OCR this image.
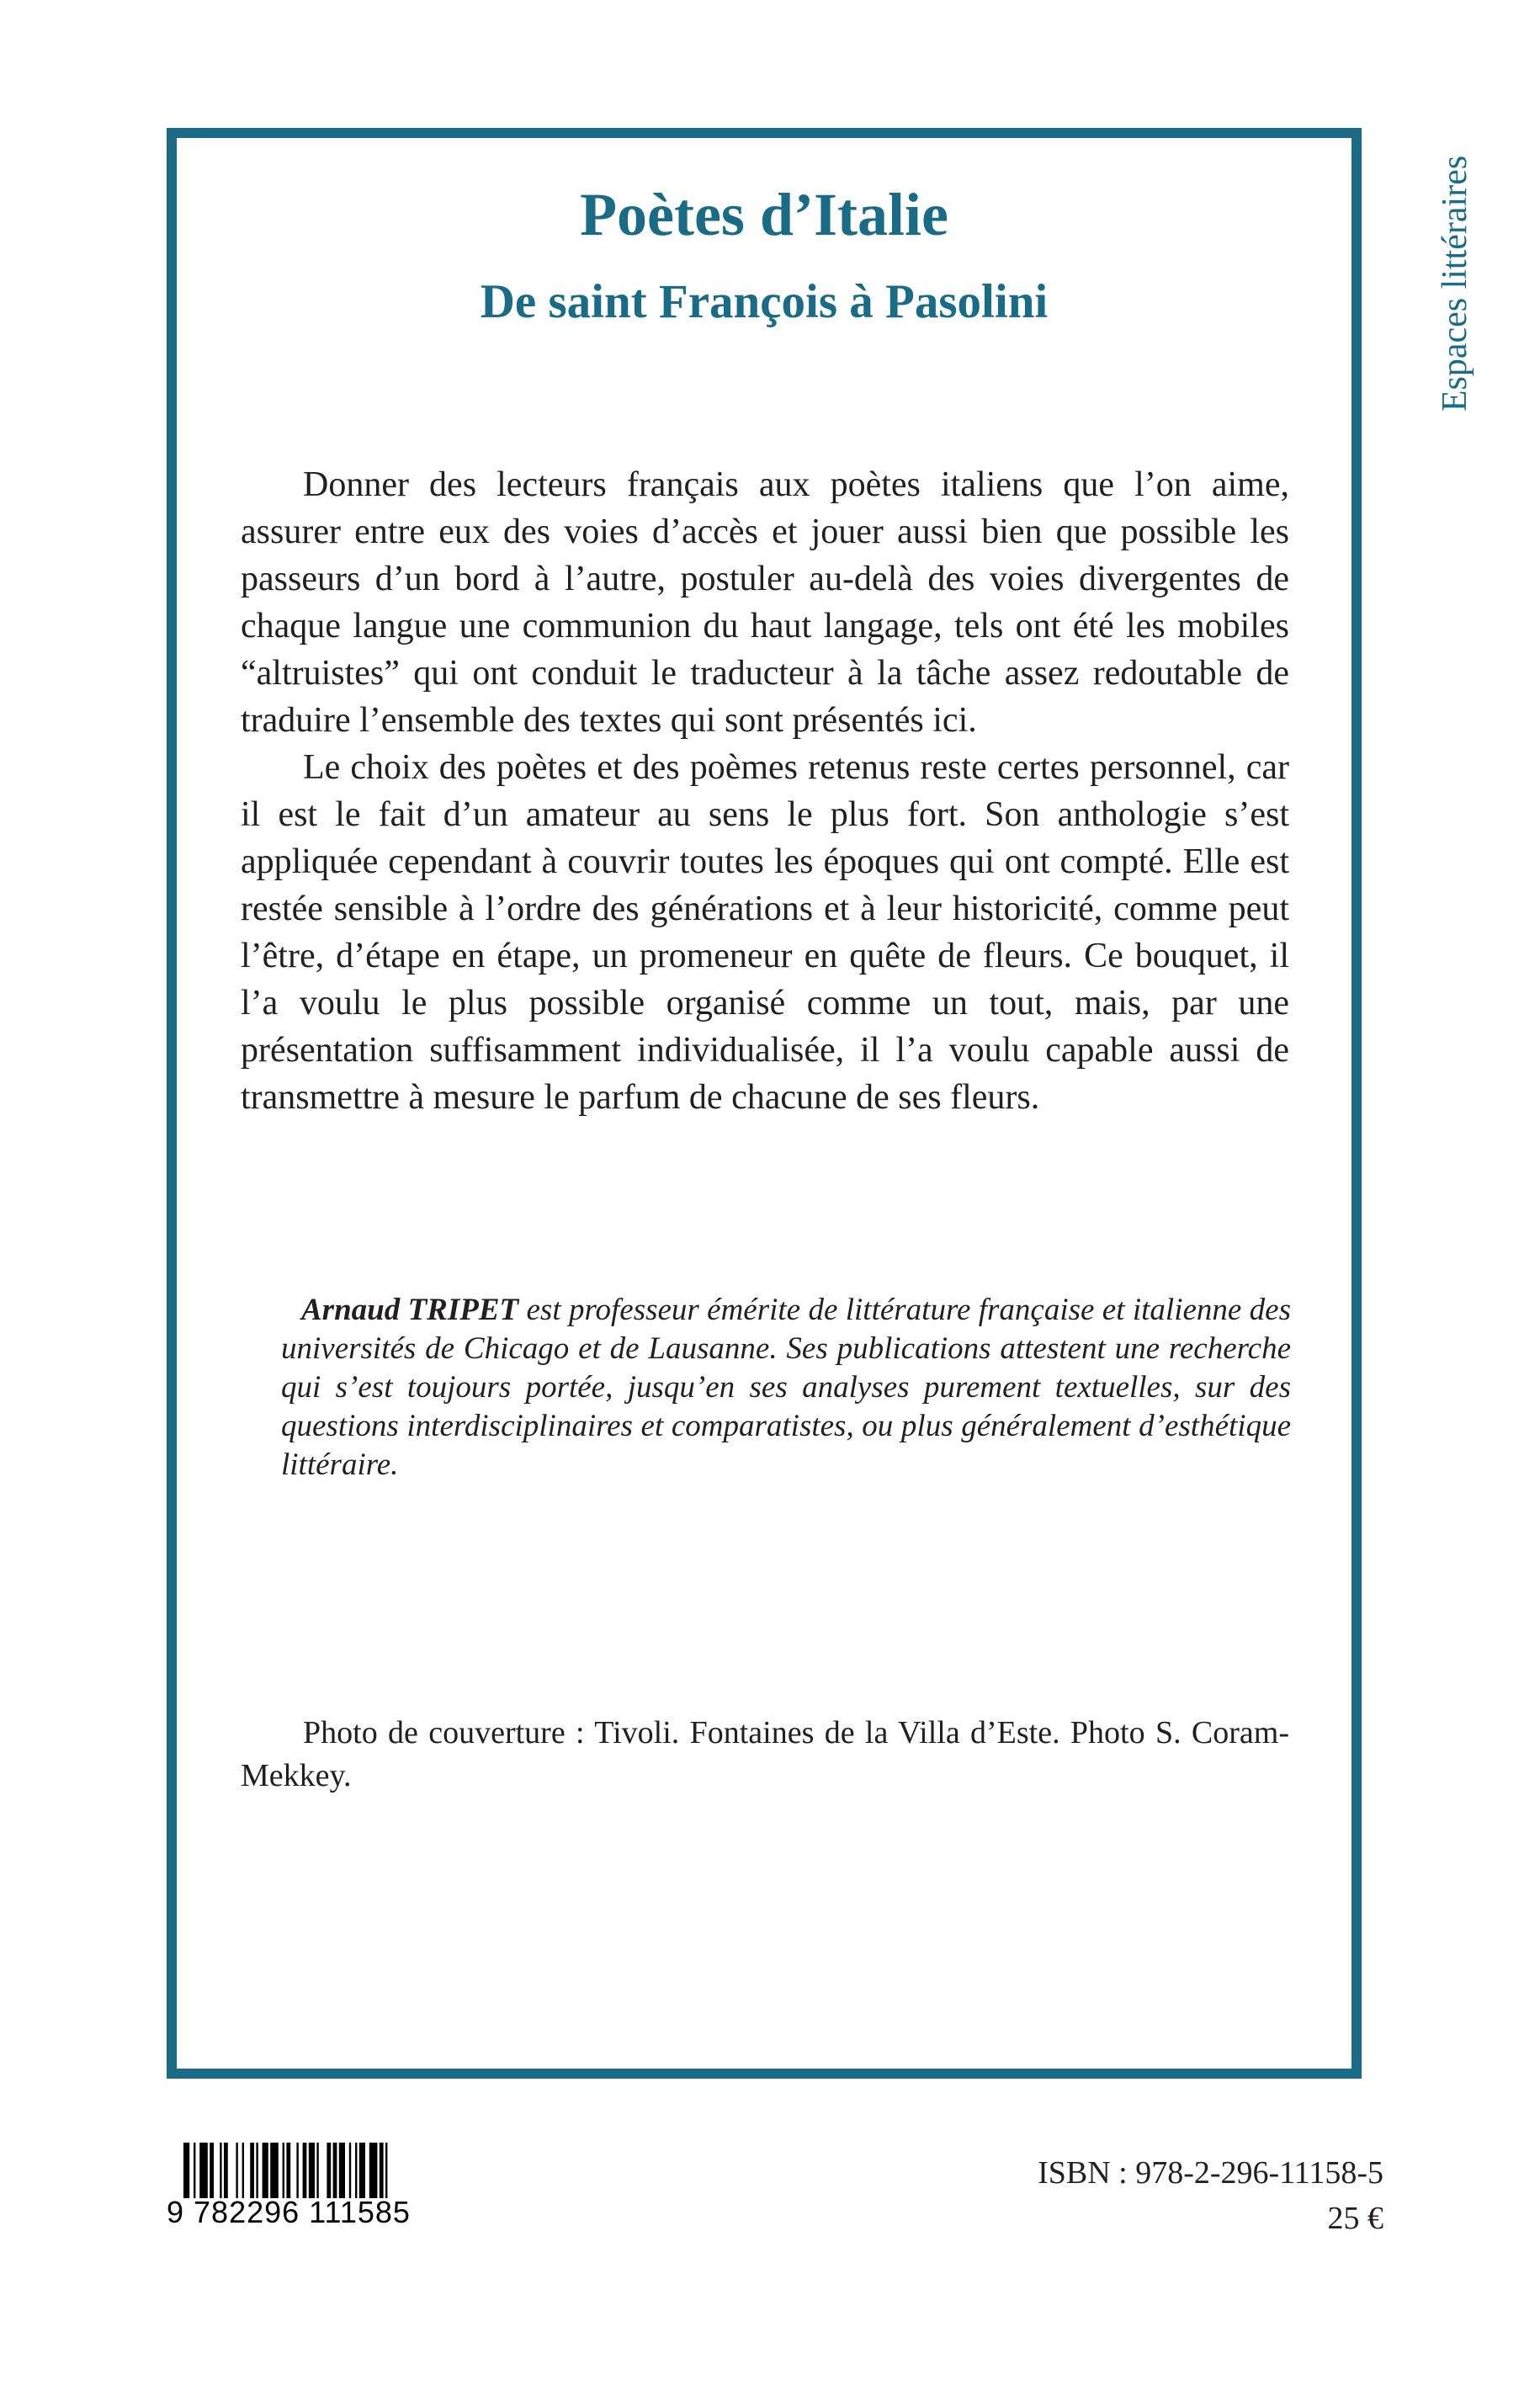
Poètes d’Italie
De saint François à Pasolini

Donner des lecteurs français aux poètes italiens que l’on aime, assurer entre eux des voies d’accès et jouer aussi bien que possible les passeurs d’un bord à l’autre, postuler au-delà des voies divergentes de chaque langue une communion du haut langage, tels ont été les mobiles “altruistes” qui ont conduit le traducteur à la tâche assez redoutable de traduire l’ensemble des textes qui sont présentés ici.

Le choix des poètes et des poèmes retenus reste certes personnel, car il est le fait d’un amateur au sens le plus fort. Son anthologie s’est appliquée cependant à couvrir toutes les époques qui ont compté. Elle est restée sensible à l’ordre des générations et à leur historicité, comme peut l’être, d’étape en étape, un promeneur en quête de fleurs. Ce bouquet, il l’a voulu le plus possible organisé comme un tout, mais, par une présentation suffisamment individualisée, il l’a voulu capable aussi de transmettre à mesure le parfum de chacune de ses fleurs.

Arnaud TRIPET est professeur émérite de littérature française et italienne des universités de Chicago et de Lausanne. Ses publications attestent une recherche qui s’est toujours portée, jusqu’en ses analyses purement textuelles, sur des questions interdisciplinaires et comparatistes, ou plus généralement d’esthétique littéraire.

Photo de couverture : Tivoli. Fontaines de la Villa d’Este. Photo S. Coram-Mekkey.

Espaces littéraires
9 782296 111585

ISBN : 978-2-296-11158-5

25 €
